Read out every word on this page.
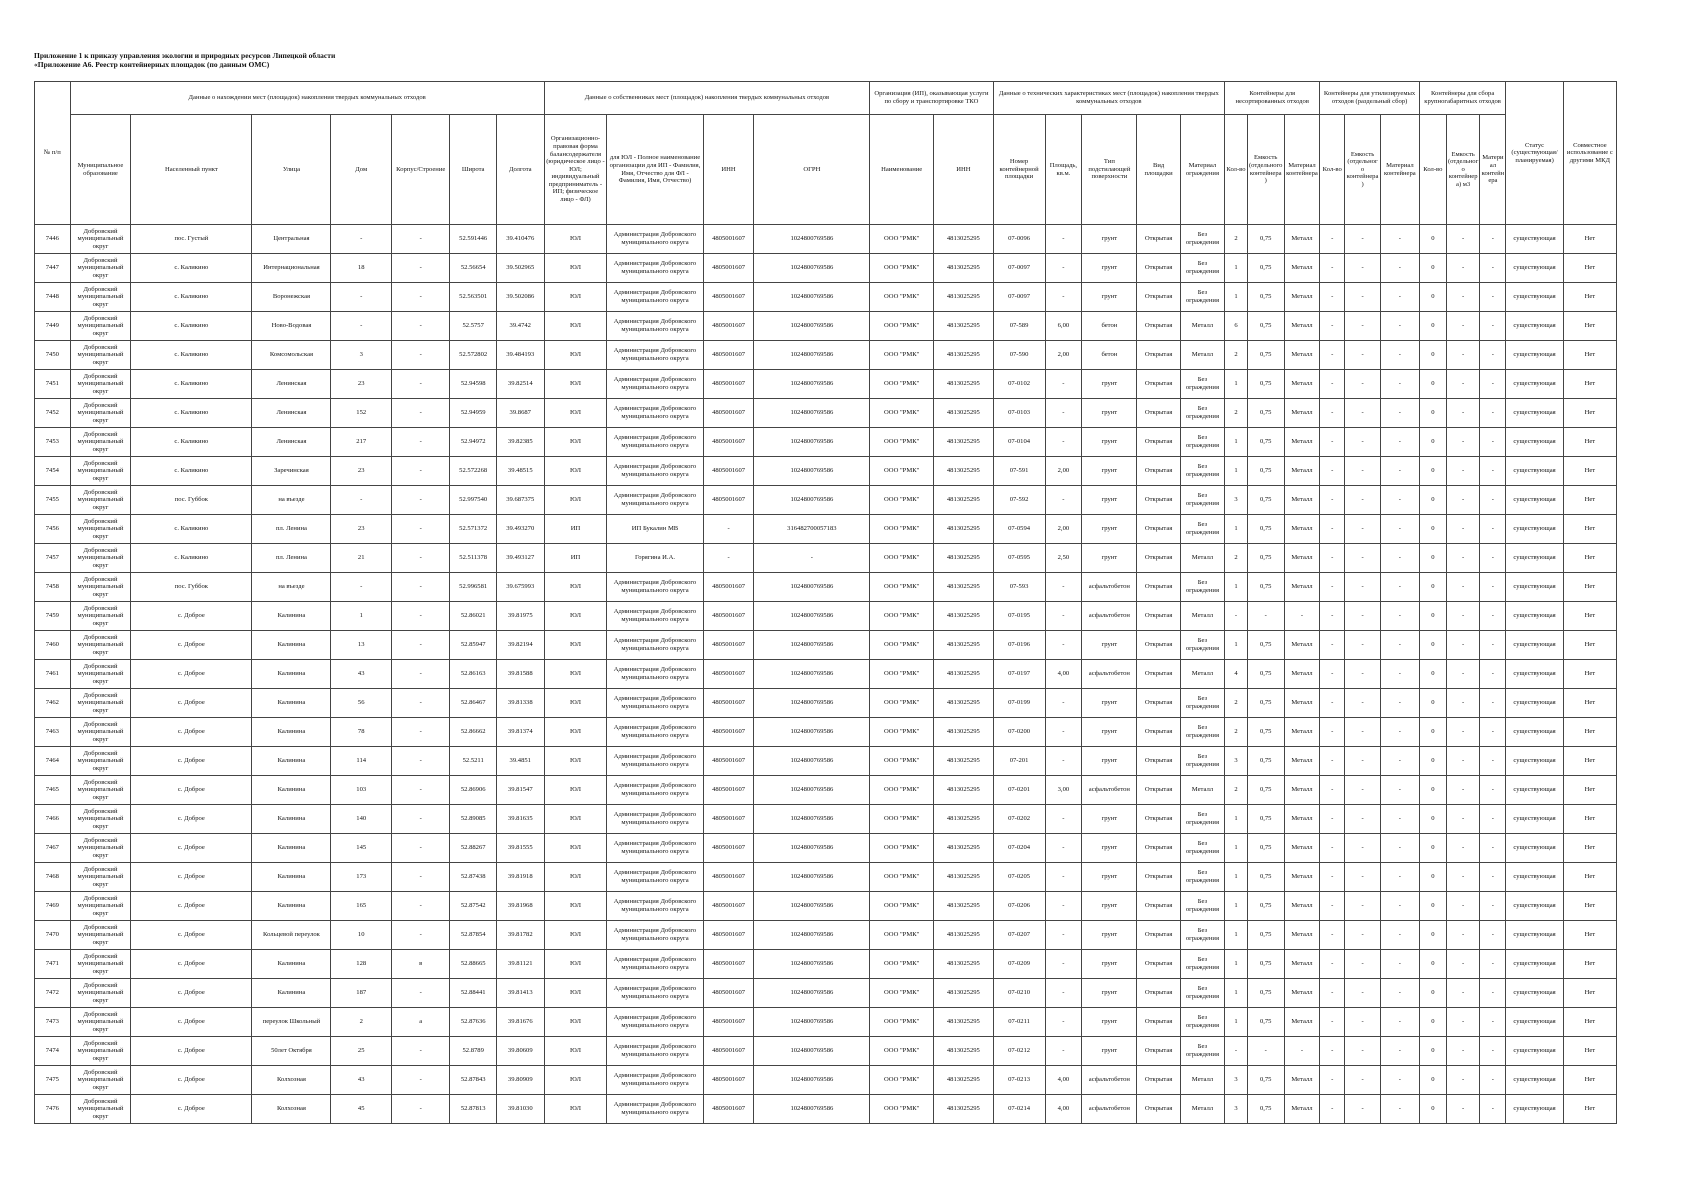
Приложение 1 к приказу управления экологии и природных ресурсов Липецкой области
«Приложение А6. Реестр контейнерных площадок (по данным ОМС)
№ п/п	Данные о нахождении мест (площадок) накопления твердых коммунальных отходов							Данные о собственниках мест (площадок) накопления твердых коммунальных отходов				Организация (ИП), оказывающая услуги по сбору и транспортировке ТКО		Данные о технических характеристиках мест (площадок) накопления твердых коммунальных отходов					Контейнеры для несортированных отходов			Контейнеры для утилизируемых отходов (раздельный сбор)			Контейнеры для сбора крупногабаритных отходов			Статус (существующая/ планируемая)	Совместное использование с другими МКД
	Муниципальное образование	Населенный пункт	Улица	Дом	Корпус/Строение	Широта	Долгота	Организационно-правовая форма балансодержателя (юридическое лицо - ЮЛ; индивидуальный предприниматель - ИП; физическое лицо - ФЛ)	для ЮЛ - Полное наименование организации для ИП - Фамилия, Имя, Отчество для ФЛ - Фамилия, Имя, Отчество)	ИНН	ОГРН	Наименование	ИНН	Номер контейнерной площадки	Площадь, кв.м.	Тип подстилающей поверхности	Вид площадки	Материал ограждения	Кол-во	Емкость (отдельного контейнера)	Материал контейнера	Кол-во	Емкость (отдельного контейнера)	Материал контейнера	Кол-во	Емкость (отдельного контейнера) м3	Материал контейнера		
7446	Добровский муниципальный округ	пос. Густый	Центральная	-	-	52.591446	39.410476	ЮЛ	Администрация Добровского муниципального округа	4805001607	1024800769586	ООО "РМК"	4813025295	07-0096	-	грунт	Открытая	Без ограждения	2	0,75	Металл	-	-	-	0	-	-	существующая	Нет
7447	Добровский муниципальный округ	с. Каликино	Интернациональная	18	-	52.56654	39.502965	ЮЛ	Администрация Добровского муниципального округа	4805001607	1024800769586	ООО "РМК"	4813025295	07-0097	-	грунт	Открытая	Без ограждения	1	0,75	Металл	-	-	-	0	-	-	существующая	Нет
7448	Добровский муниципальный округ	с. Каликино	Воронежская	-	-	52.563501	39.502086	ЮЛ	Администрация Добровского муниципального округа	4805001607	1024800769586	ООО "РМК"	4813025295	07-0097	-	грунт	Открытая	Без ограждения	1	0,75	Металл	-	-	-	0	-	-	существующая	Нет
7449	Добровский муниципальный округ	с. Каликино	Ново-Водовая	-	-	52.5757	39.4742	ЮЛ	Администрация Добровского муниципального округа	4805001607	1024800769586	ООО "РМК"	4813025295	07-589	6,00	бетон	Открытая	Металл	6	0,75	Металл	-	-	-	0	-	-	существующая	Нет
7450	Добровский муниципальный округ	с. Каликино	Комсомольская	3	-	52.572802	39.484193	ЮЛ	Администрация Добровского муниципального округа	4805001607	1024800769586	ООО "РМК"	4813025295	07-590	2,00	бетон	Открытая	Металл	2	0,75	Металл	-	-	-	0	-	-	существующая	Нет
7451	Добровский муниципальный округ	с. Каликино	Ленинская	23	-	52.94598	39.82514	ЮЛ	Администрация Добровского муниципального округа	4805001607	1024800769586	ООО "РМК"	4813025295	07-0102	-	грунт	Открытая	Без ограждения	1	0,75	Металл	-	-	-	0	-	-	существующая	Нет
7452	Добровский муниципальный округ	с. Каликино	Ленинская	152	-	52.94959	39.8687	ЮЛ	Администрация Добровского муниципального округа	4805001607	1024800769586	ООО "РМК"	4813025295	07-0103	-	грунт	Открытая	Без ограждения	2	0,75	Металл	-	-	-	0	-	-	существующая	Нет
7453	Добровский муниципальный округ	с. Каликино	Ленинская	217	-	52.94972	39.82385	ЮЛ	Администрация Добровского муниципального округа	4805001607	1024800769586	ООО "РМК"	4813025295	07-0104	-	грунт	Открытая	Без ограждения	1	0,75	Металл	-	-	-	0	-	-	существующая	Нет
7454	Добровский муниципальный округ	с. Каликино	Заречинская	23	-	52.572268	39.48515	ЮЛ	Администрация Добровского муниципального округа	4805001607	1024800769586	ООО "РМК"	4813025295	07-591	2,00	грунт	Открытая	Без ограждения	1	0,75	Металл	-	-	-	0	-	-	существующая	Нет
7455	Добровский муниципальный округ	пос. Губбок	на въезде	-	-	52.997540	39.687375	ЮЛ	Администрация Добровского муниципального округа	4805001607	1024800769586	ООО "РМК"	4813025295	07-592	-	грунт	Открытая	Без ограждения	3	0,75	Металл	-	-	-	0	-	-	существующая	Нет
7456	Добровский муниципальный округ	с. Каликино	пл. Ленина	23	-	52.571372	39.493270	ИП	ИП Букалин МВ	-	316482700057183	ООО "РМК"	4813025295	07-0594	2,00	грунт	Открытая	Без ограждения	1	0,75	Металл	-	-	-	0	-	-	существующая	Нет
7457	Добровский муниципальный округ	с. Каликино	пл. Ленина	21	-	52.511378	39.493127	ИП	Горягина И.А.	-	-	ООО "РМК"	4813025295	07-0595	2,50	грунт	Открытая	Металл	2	0,75	Металл	-	-	-	0	-	-	существующая	Нет
7458	Добровский муниципальный округ	пос. Губбок	на въезде	-	-	52.996581	39.675993	ЮЛ	Администрация Добровского муниципального округа	4805001607	1024800769586	ООО "РМК"	4813025295	07-593	-	асфальтобетон	Открытая	Без ограждения	1	0,75	Металл	-	-	-	0	-	-	существующая	Нет
7459	Добровский муниципальный округ	с. Доброе	Калинина	1	-	52.86021	39.81975	ЮЛ	Администрация Добровского муниципального округа	4805001607	1024800769586	ООО "РМК"	4813025295	07-0195	-	асфальтобетон	Открытая	Металл	-	-	-	-	-	-	0	-	-	существующая	Нет
7460	Добровский муниципальный округ	с. Доброе	Калинина	13	-	52.85947	39.82194	ЮЛ	Администрация Добровского муниципального округа	4805001607	1024800769586	ООО "РМК"	4813025295	07-0196	-	грунт	Открытая	Без ограждения	1	0,75	Металл	-	-	-	0	-	-	существующая	Нет
7461	Добровский муниципальный округ	с. Доброе	Калинина	43	-	52.86163	39.81588	ЮЛ	Администрация Добровского муниципального округа	4805001607	1024800769586	ООО "РМК"	4813025295	07-0197	4,00	асфальтобетон	Открытая	Металл	4	0,75	Металл	-	-	-	0	-	-	существующая	Нет
7462	Добровский муниципальный округ	с. Доброе	Калинина	56	-	52.86467	39.81338	ЮЛ	Администрация Добровского муниципального округа	4805001607	1024800769586	ООО "РМК"	4813025295	07-0199	-	грунт	Открытая	Без ограждения	2	0,75	Металл	-	-	-	0	-	-	существующая	Нет
7463	Добровский муниципальный округ	с. Доброе	Калинина	78	-	52.86662	39.81374	ЮЛ	Администрация Добровского муниципального округа	4805001607	1024800769586	ООО "РМК"	4813025295	07-0200	-	грунт	Открытая	Без ограждения	2	0,75	Металл	-	-	-	0	-	-	существующая	Нет
7464	Добровский муниципальный округ	с. Доброе	Калинина	114	-	52.5211	39.4851	ЮЛ	Администрация Добровского муниципального округа	4805001607	1024800769586	ООО "РМК"	4813025295	07-201	-	грунт	Открытая	Без ограждения	3	0,75	Металл	-	-	-	0	-	-	существующая	Нет
7465	Добровский муниципальный округ	с. Доброе	Калинина	103	-	52.86906	39.81547	ЮЛ	Администрация Добровского муниципального округа	4805001607	1024800769586	ООО "РМК"	4813025295	07-0201	3,00	асфальтобетон	Открытая	Металл	2	0,75	Металл	-	-	-	0	-	-	существующая	Нет
7466	Добровский муниципальный округ	с. Доброе	Калинина	140	-	52.89085	39.81635	ЮЛ	Администрация Добровского муниципального округа	4805001607	1024800769586	ООО "РМК"	4813025295	07-0202	-	грунт	Открытая	Без ограждения	1	0,75	Металл	-	-	-	0	-	-	существующая	Нет
7467	Добровский муниципальный округ	с. Доброе	Калинина	145	-	52.88267	39.81555	ЮЛ	Администрация Добровского муниципального округа	4805001607	1024800769586	ООО "РМК"	4813025295	07-0204	-	грунт	Открытая	Без ограждения	1	0,75	Металл	-	-	-	0	-	-	существующая	Нет
7468	Добровский муниципальный округ	с. Доброе	Калинина	173	-	52.87438	39.81918	ЮЛ	Администрация Добровского муниципального округа	4805001607	1024800769586	ООО "РМК"	4813025295	07-0205	-	грунт	Открытая	Без ограждения	1	0,75	Металл	-	-	-	0	-	-	существующая	Нет
7469	Добровский муниципальный округ	с. Доброе	Калинина	165	-	52.87542	39.81968	ЮЛ	Администрация Добровского муниципального округа	4805001607	1024800769586	ООО "РМК"	4813025295	07-0206	-	грунт	Открытая	Без ограждения	1	0,75	Металл	-	-	-	0	-	-	существующая	Нет
7470	Добровский муниципальный округ	с. Доброе	Кольцевой переулок	10	-	52.87854	39.81782	ЮЛ	Администрация Добровского муниципального округа	4805001607	1024800769586	ООО "РМК"	4813025295	07-0207	-	грунт	Открытая	Без ограждения	1	0,75	Металл	-	-	-	0	-	-	существующая	Нет
7471	Добровский муниципальный округ	с. Доброе	Калинина	128	в	52.88665	39.81121	ЮЛ	Администрация Добровского муниципального округа	4805001607	1024800769586	ООО "РМК"	4813025295	07-0209	-	грунт	Открытая	Без ограждения	1	0,75	Металл	-	-	-	0	-	-	существующая	Нет
7472	Добровский муниципальный округ	с. Доброе	Калинина	187	-	52.88441	39.81413	ЮЛ	Администрация Добровского муниципального округа	4805001607	1024800769586	ООО "РМК"	4813025295	07-0210	-	грунт	Открытая	Без ограждения	1	0,75	Металл	-	-	-	0	-	-	существующая	Нет
7473	Добровский муниципальный округ	с. Доброе	переулок Школьный	2	а	52.87636	39.81676	ЮЛ	Администрация Добровского муниципального округа	4805001607	1024800769586	ООО "РМК"	4813025295	07-0211	-	грунт	Открытая	Без ограждения	1	0,75	Металл	-	-	-	0	-	-	существующая	Нет
7474	Добровский муниципальный округ	с. Доброе	50лет Октября	25	-	52.8789	39.80609	ЮЛ	Администрация Добровского муниципального округа	4805001607	1024800769586	ООО "РМК"	4813025295	07-0212	-	грунт	Открытая	Без ограждения	-	-	-	-	-	-	0	-	-	существующая	Нет
7475	Добровский муниципальный округ	с. Доброе	Колхозная	43	-	52.87843	39.80909	ЮЛ	Администрация Добровского муниципального округа	4805001607	1024800769586	ООО "РМК"	4813025295	07-0213	4,00	асфальтобетон	Открытая	Металл	3	0,75	Металл	-	-	-	0	-	-	существующая	Нет
7476	Добровский муниципальный округ	с. Доброе	Колхозная	45	-	52.87813	39.81030	ЮЛ	Администрация Добровского муниципального округа	4805001607	1024800769586	ООО "РМК"	4813025295	07-0214	4,00	асфальтобетон	Открытая	Металл	3	0,75	Металл	-	-	-	0	-	-	существующая	Нет
